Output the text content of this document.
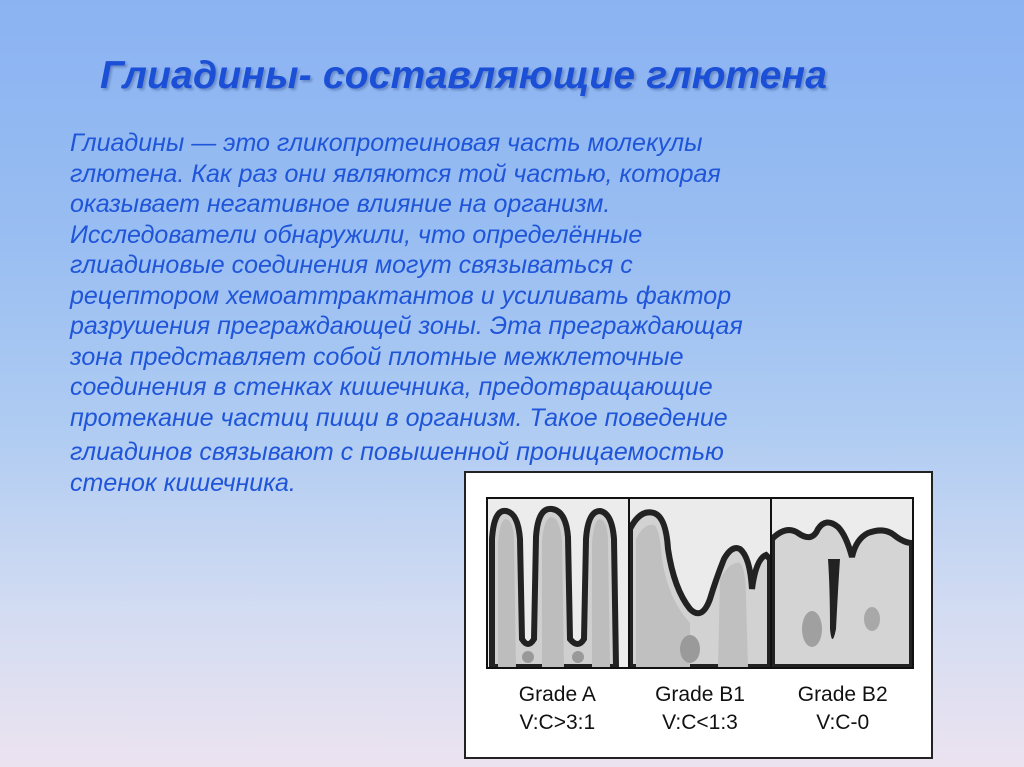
Глиадины- составляющие глютена
Глиадины — это гликопротеиновая часть молекулы
глютена. Как раз они являются той частью, которая
оказывает негативное влияние на организм.
Исследователи обнаружили, что определённые
глиадиновые соединения могут связываться с
рецептором хемоаттрактантов и усиливать фактор
разрушения преграждающей зоны. Эта преграждающая
зона представляет собой плотные межклеточные
соединения в стенках кишечника, предотвращающие
протекание частиц пищи в организм. Такое поведение
глиадинов связывают с повышенной проницаемостью
стенок кишечника.
Grade A
V:C>3:1
Grade B1
V:C<1:3
Grade B2
V:C-0
